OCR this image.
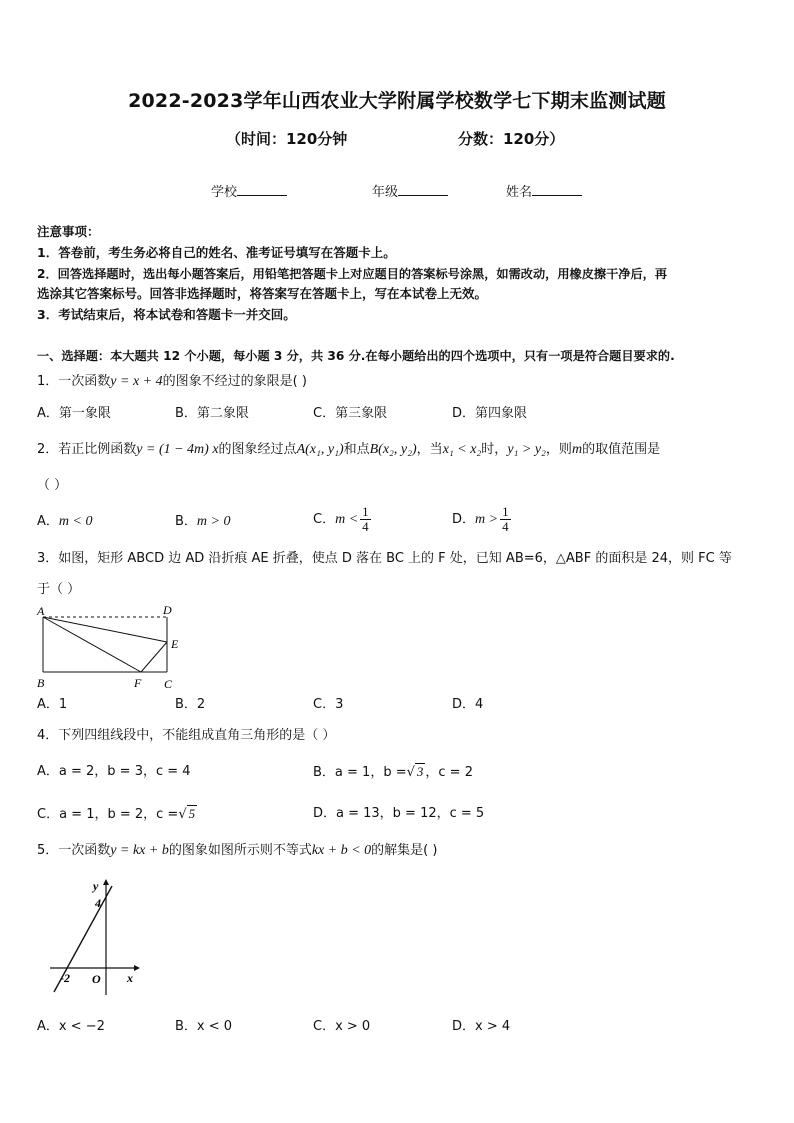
2022-2023学年山西农业大学附属学校数学七下期末监测试题
（时间：120分钟	分数：120分）
学校	年级	姓名
注意事项：
1．答卷前，考生务必将自己的姓名、准考证号填写在答题卡上。
2．回答选择题时，选出每小题答案后，用铅笔把答题卡上对应题目的答案标号涂黑，如需改动，用橡皮擦干净后，再
选涂其它答案标号。回答非选择题时，将答案写在答题卡上，写在本试卷上无效。
3．考试结束后，将本试卷和答题卡一并交回。
一、选择题：本大题共 12 个小题，每小题 3 分，共 36 分.在每小题给出的四个选项中，只有一项是符合题目要求的.
1．一次函数y = x + 4的图象不经过的象限是( )
A．第一象限	B．第二象限	C．第三象限	D．第四象限
2．若正比例函数y = (1 − 4m) x的图象经过点A(x₁, y₁)和点B(x₂, y₂)，当x₁ < x₂时，y₁ > y₂，则m的取值范围是
（ ）
A．m < 0	B．m > 0	C．$m < \frac{1}{4}$	D．$m > \frac{1}{4}$
3．如图，矩形 ABCD 边 AD 沿折痕 AE 折叠，使点 D 落在 BC 上的 F 处，已知 AB=6，△ABF 的面积是 24，则 FC 等
于（ ）
A	D
E
B	F C
A．1	B．2	C．3	D．4
4．下列四组线段中，不能组成直角三角形的是（ ）
A．a = 2，b = 3，c = 4	B．a = 1，b =√ 3 ，c = 2
C．a = 1，b = 2，c =√ 5	D．a = 13，b = 12，c = 5
5．一次函数y = kx + b的图象如图所示则不等式kx + b < 0的解集是( )
y
4
-2 O x
A．x < −2	B．x < 0	C．x > 0	D．x > 4
